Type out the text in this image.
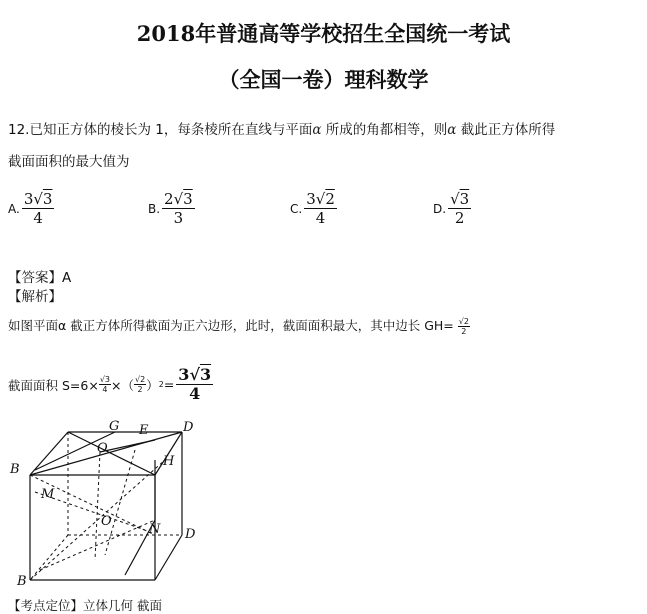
2018年普通高等学校招生全国统一考试
（全国一卷）理科数学
12.已知正方体的棱长为 1，每条棱所在直线与平面α 所成的角都相等，则α 截此正方体所得
截面面积的最大值为
A. $\frac{3√3}{4}$	B. $\frac{2√3}{3}$	C. $\frac{3√2}{4}$	D. $\frac{√3}{2}$
【答案】A
【解析】
如图平面α 截正方体所得截面为正六边形，此时，截面面积最大，其中边长 $GH= \frac{√2}{2}$
截面面积 $S=6\times \frac{√3}{4}$ ×（ $\frac{√2}{2}$ ） $2 = \frac{3√3}{4}$
G E	D
B
H
O
M
O
N D
B
【考点定位】立体几何 截面
